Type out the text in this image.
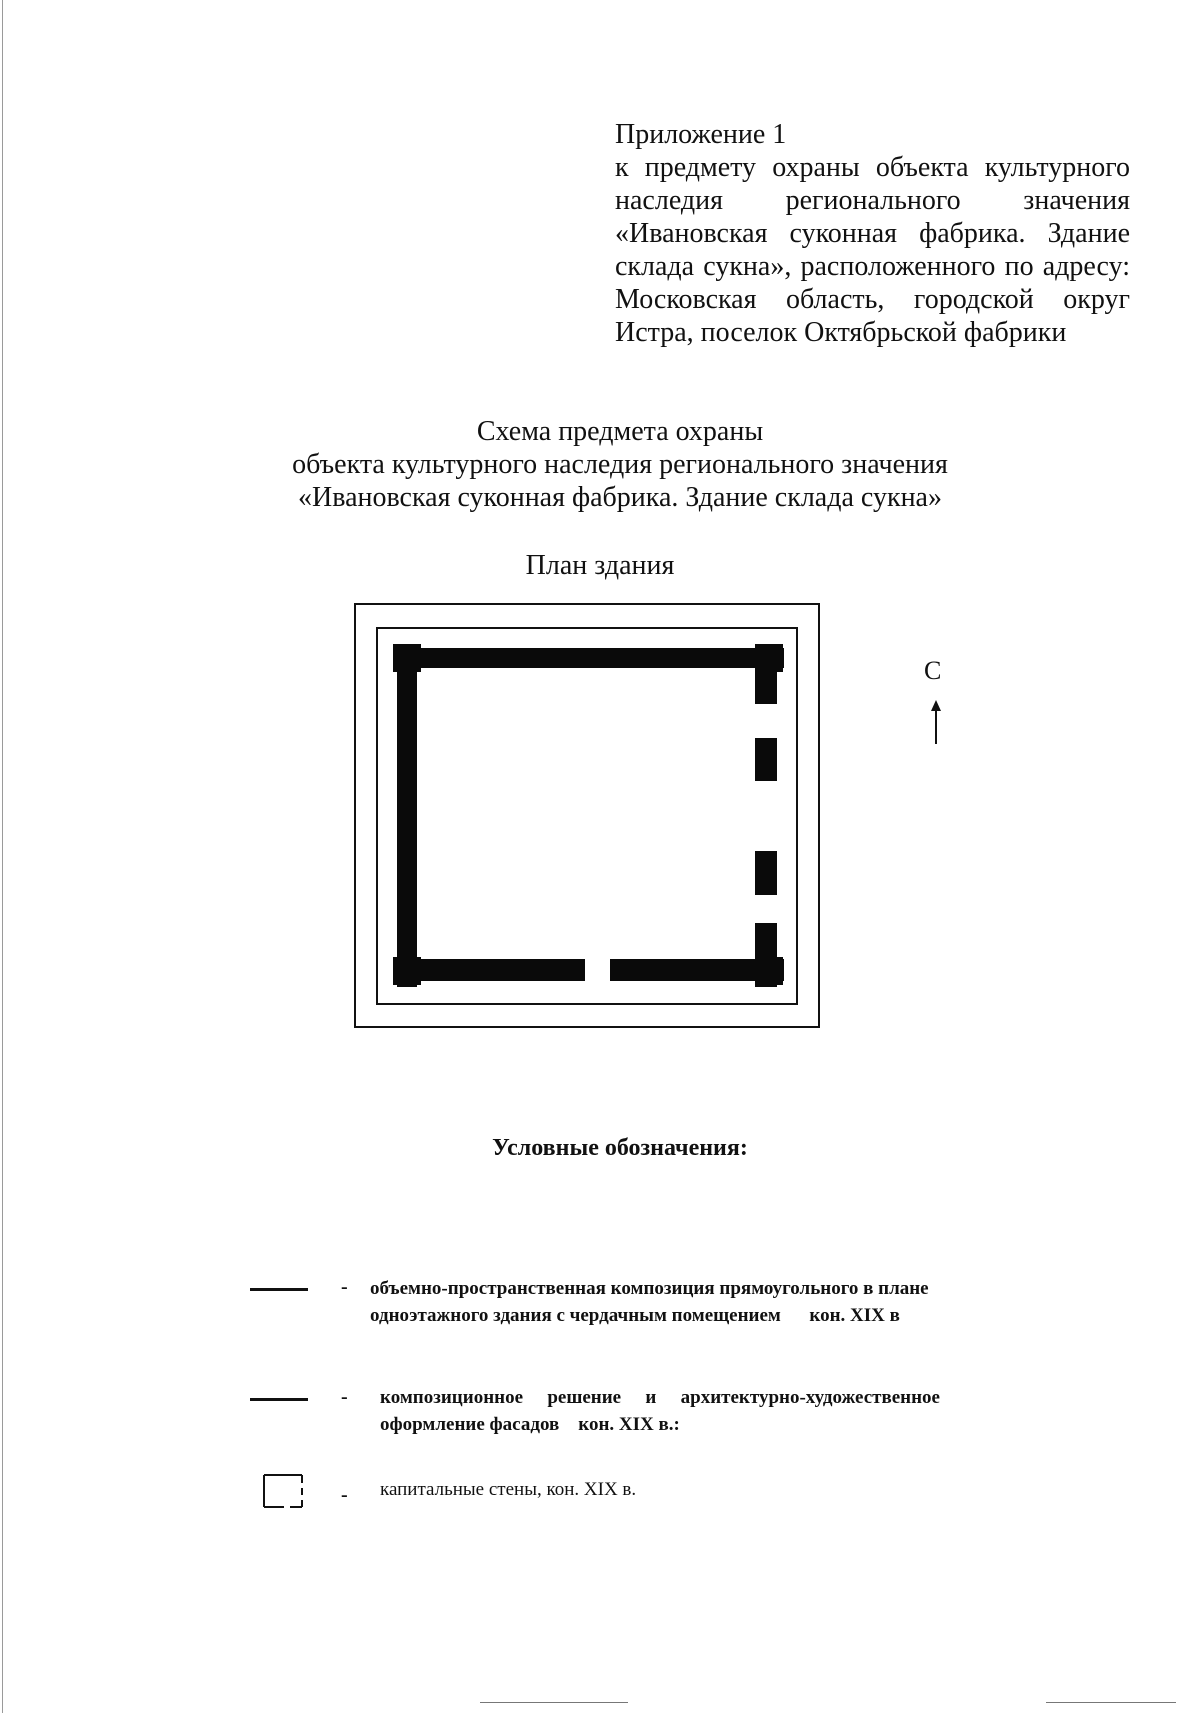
Приложение 1
к предмету охраны объекта культурного
наследия регионального значения
«Ивановская суконная фабрика. Здание
склада сукна», расположенного по адресу:
Московская область, городской округ
Истра, поселок Октябрьской фабрики
Схема предмета охраны
объекта культурного наследия регионального значения
«Ивановская суконная фабрика. Здание склада сукна»
План здания
С
Условные обозначения:
- объемно-пространственная композиция прямоугольного в плане
одноэтажного здания с чердачным помещением      кон. XIX в
- композиционное решение и архитектурно-художественное
оформление фасадов    кон. XIX в.:
- капитальные стены, кон. XIX в.
